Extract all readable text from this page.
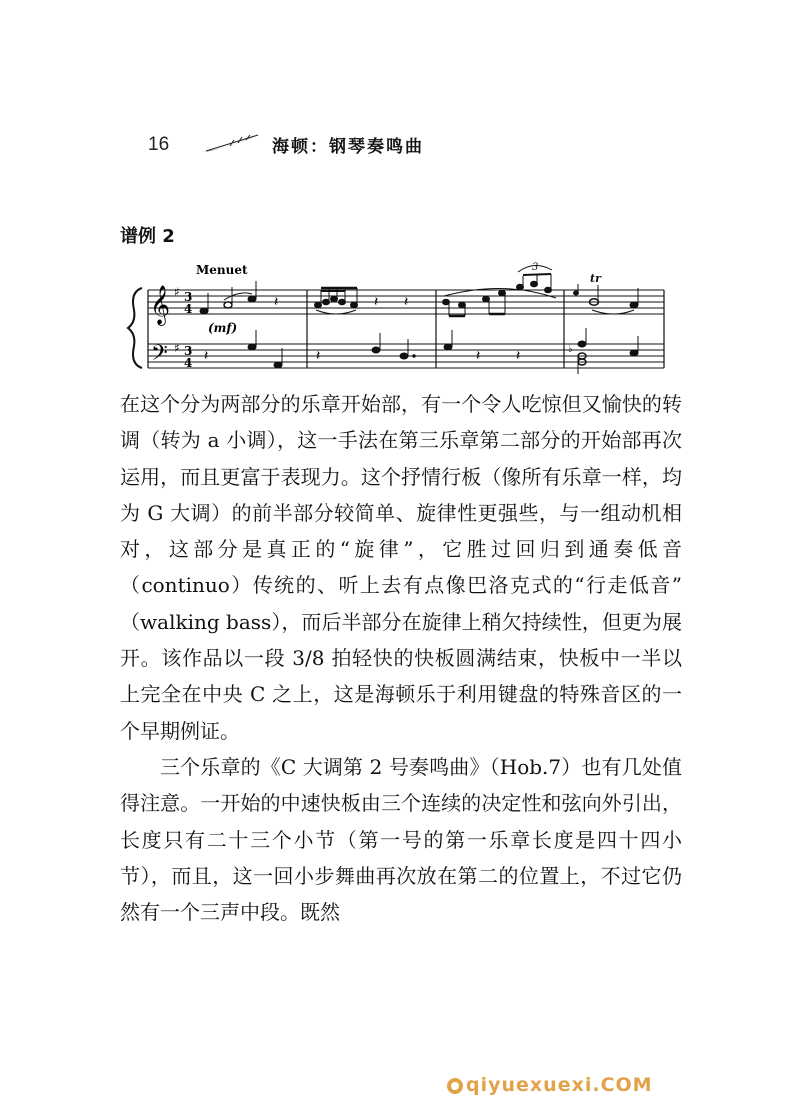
16	海顿：钢琴奏鸣曲
谱例 2
Menuet
𝄞
𝄢
♯
♯
3
4
3
4
(mf)
𝄽
𝄽
𝄽 𝄽
𝄽
3
𝄽	𝄽
tr
♭

在这个分为两部分的乐章开始部，有一个令人吃惊但又愉快的转调（转为 a 小调），这一手法在第三乐章第二部分的开始部再次运用，而且更富于表现力。这个抒情行板（像所有乐章一样，均为 G 大调）的前半部分较简单、旋律性更强些，与一组动机相对，这部分是真正的“旋律”，它胜过回归到通奏低音（continuo）传统的、听上去有点像巴洛克式的“行走低音” （walking bass），而后半部分在旋律上稍欠持续性，但更为展开。该作品以一段 3/8 拍轻快的快板圆满结束，快板中一半以上完全在中央 C 之上，这是海顿乐于利用键盘的特殊音区的一个早期例证。

三个乐章的《C 大调第 2 号奏鸣曲》（Hob.7）也有几处值得注意。一开始的中速快板由三个连续的决定性和弦向外引出，长度只有二十三个小节（第一号的第一乐章长度是四十四小节），而且，这一回小步舞曲再次放在第二的位置上，不过它仍然有一个三声中段。既然

qiyuexuexi.COM
